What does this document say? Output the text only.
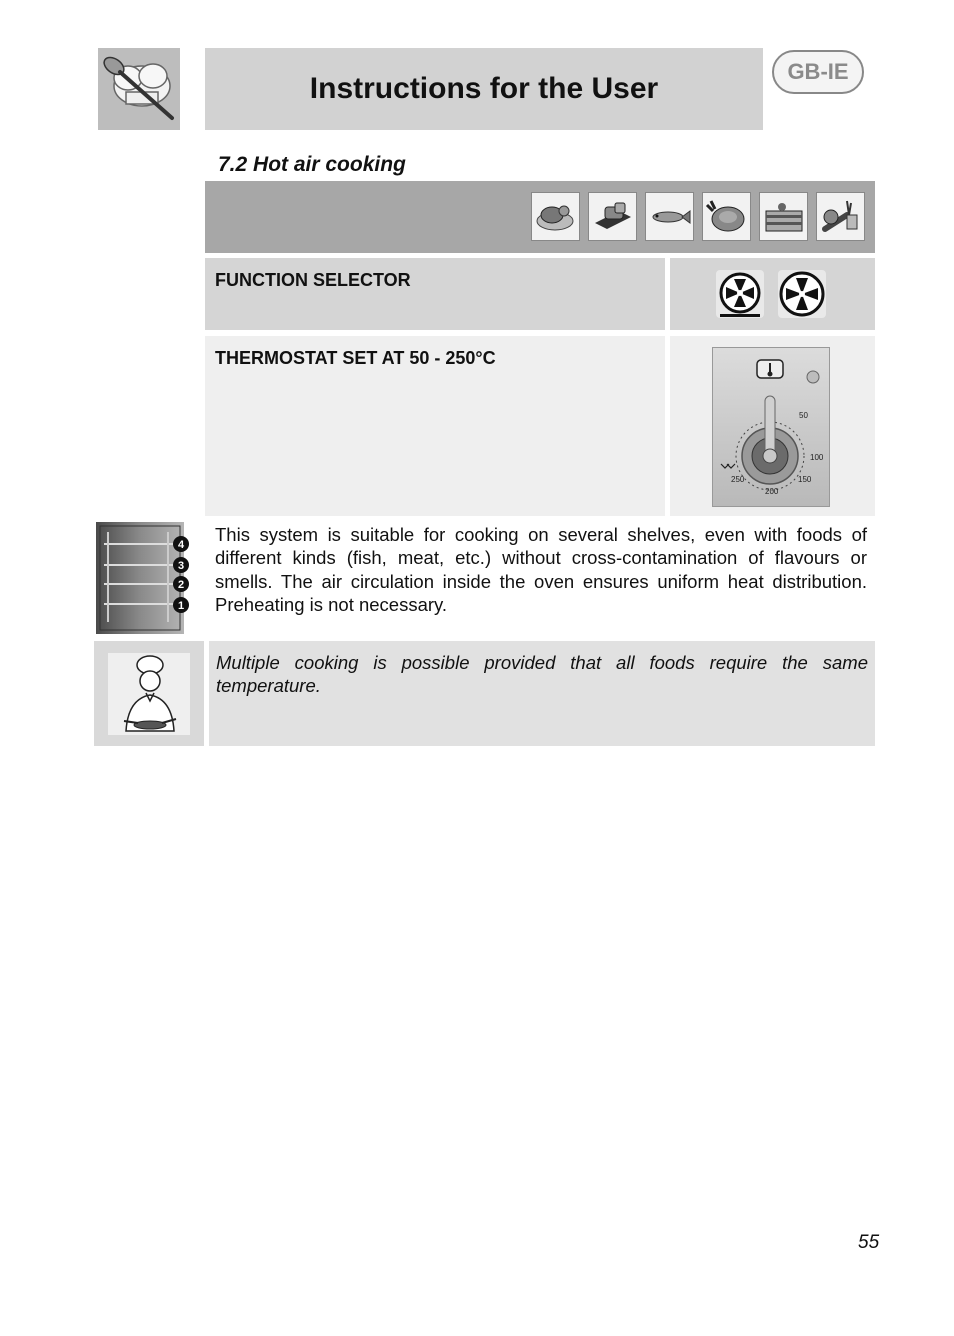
Instructions for the User
GB-IE
7.2 Hot air cooking
FUNCTION SELECTOR
THERMOSTAT SET AT 50 - 250°C
50
100
150
200
250
4
3
2
1
This system is suitable for cooking on several shelves, even with foods of different kinds (fish, meat, etc.) without cross-contamination of flavours or smells. The air circulation inside the oven ensures uniform heat distribution. Preheating is not necessary.
Multiple cooking is possible provided that all foods require the same temperature.
55
